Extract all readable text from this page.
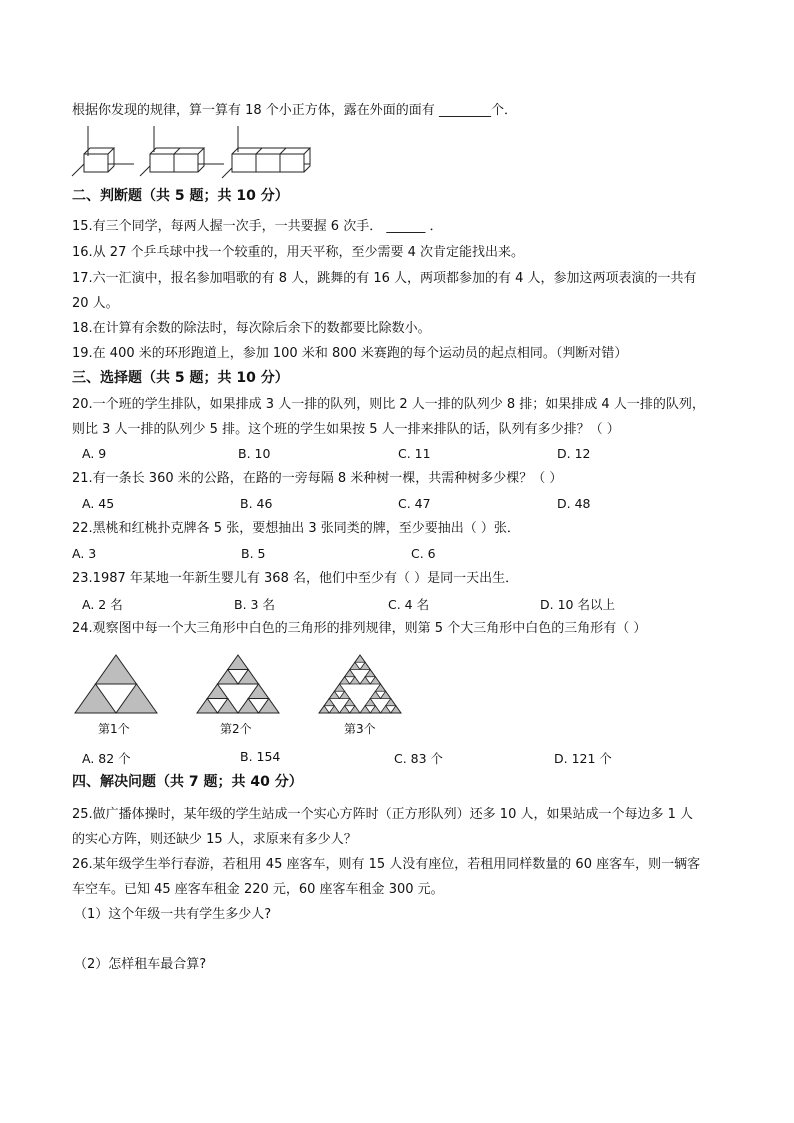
根据你发现的规律，算一算有 18 个小正方体，露在外面的面有 ________个．
二、判断题（共 5 题；共 10 分）
15.有三个同学，每两人握一次手，一共要握 6 次手． ______ ．
16.从 27 个乒乓球中找一个较重的，用天平称，至少需要 4 次肯定能找出来。
17.六一汇演中，报名参加唱歌的有 8 人，跳舞的有 16 人，两项都参加的有 4 人，参加这两项表演的一共有
20 人。
18.在计算有余数的除法时，每次除后余下的数都要比除数小。
19.在 400 米的环形跑道上，参加 100 米和 800 米赛跑的每个运动员的起点相同。（判断对错）
三、选择题（共 5 题；共 10 分）
20.一个班的学生排队，如果排成 3 人一排的队列，则比 2 人一排的队列少 8 排；如果排成 4 人一排的队列，
则比 3 人一排的队列少 5 排。这个班的学生如果按 5 人一排来排队的话，队列有多少排？（ ）
A. 9	B. 10	C. 11	D. 12
21.有一条长 360 米的公路，在路的一旁每隔 8 米种树一棵，共需种树多少棵？（ ）
A. 45	B. 46	C. 47	D. 48
22.黑桃和红桃扑克牌各 5 张，要想抽出 3 张同类的牌，至少要抽出（ ）张．
A. 3	B. 5	C. 6
23.1987 年某地一年新生婴儿有 368 名，他们中至少有（ ）是同一天出生．
A. 2 名	B. 3 名	C. 4 名	D. 10 名以上
24.观察图中每一个大三角形中白色的三角形的排列规律，则第 5 个大三角形中白色的三角形有（ ）
第1个	第2个	第3个
A. 82 个	B. 154	C. 83 个	D. 121 个
四、解决问题（共 7 题；共 40 分）
25.做广播体操时，某年级的学生站成一个实心方阵时（正方形队列）还多 10 人，如果站成一个每边多 1 人
的实心方阵，则还缺少 15 人，求原来有多少人？
26.某年级学生举行春游，若租用 45 座客车，则有 15 人没有座位，若租用同样数量的 60 座客车，则一辆客
车空车。已知 45 座客车租金 220 元，60 座客车租金 300 元。
（1）这个年级一共有学生多少人?
（2）怎样租车最合算?
